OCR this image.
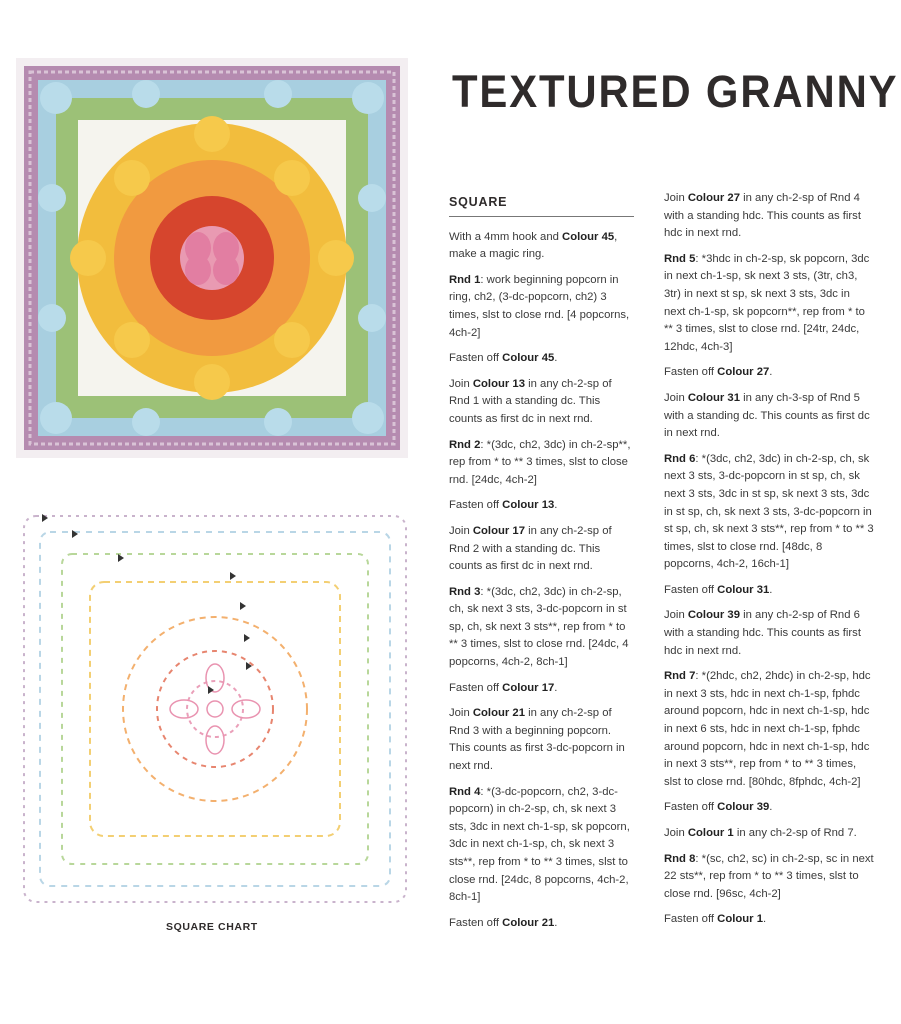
TEXTURED GRANNY
SQUARE

With a 4mm hook and Colour 45, make a magic ring.

Rnd 1: work beginning popcorn in ring, ch2, (3-dc-popcorn, ch2) 3 times, slst to close rnd. [4 popcorns, 4ch-2]

Fasten off Colour 45.

Join Colour 13 in any ch-2-sp of Rnd 1 with a standing dc. This counts as first dc in next rnd.

Rnd 2: *(3dc, ch2, 3dc) in ch-2-sp**, rep from * to ** 3 times, slst to close rnd. [24dc, 4ch-2]

Fasten off Colour 13.

Join Colour 17 in any ch-2-sp of Rnd 2 with a standing dc. This counts as first dc in next rnd.

Rnd 3: *(3dc, ch2, 3dc) in ch-2-sp, ch, sk next 3 sts, 3-dc-popcorn in st sp, ch, sk next 3 sts**, rep from * to ** 3 times, slst to close rnd. [24dc, 4 popcorns, 4ch-2, 8ch-1]

Fasten off Colour 17.

Join Colour 21 in any ch-2-sp of Rnd 3 with a beginning popcorn. This counts as first 3-dc-popcorn in next rnd.

Rnd 4: *(3-dc-popcorn, ch2, 3-dc-popcorn) in ch-2-sp, ch, sk next 3 sts, 3dc in next ch-1-sp, sk popcorn, 3dc in next ch-1-sp, ch, sk next 3 sts**, rep from * to ** 3 times, slst to close rnd. [24dc, 8 popcorns, 4ch-2, 8ch-1]

Fasten off Colour 21.

Join Colour 27 in any ch-2-sp of Rnd 4 with a standing hdc. This counts as first hdc in next rnd.

Rnd 5: *3hdc in ch-2-sp, sk popcorn, 3dc in next ch-1-sp, sk next 3 sts, (3tr, ch3, 3tr) in next st sp, sk next 3 sts, 3dc in next ch-1-sp, sk popcorn**, rep from * to ** 3 times, slst to close rnd. [24tr, 24dc, 12hdc, 4ch-3]

Fasten off Colour 27.

Join Colour 31 in any ch-3-sp of Rnd 5 with a standing dc. This counts as first dc in next rnd.

Rnd 6: *(3dc, ch2, 3dc) in ch-2-sp, ch, sk next 3 sts, 3-dc-popcorn in st sp, ch, sk next 3 sts, 3dc in st sp, sk next 3 sts, 3dc in st sp, ch, sk next 3 sts, 3-dc-popcorn in st sp, ch, sk next 3 sts**, rep from * to ** 3 times, slst to close rnd. [48dc, 8 popcorns, 4ch-2, 16ch-1]

Fasten off Colour 31.

Join Colour 39 in any ch-2-sp of Rnd 6 with a standing hdc. This counts as first hdc in next rnd.

Rnd 7: *(2hdc, ch2, 2hdc) in ch-2-sp, hdc in next 3 sts, hdc in next ch-1-sp, fphdc around popcorn, hdc in next ch-1-sp, hdc in next 6 sts, hdc in next ch-1-sp, fphdc around popcorn, hdc in next ch-1-sp, hdc in next 3 sts**, rep from * to ** 3 times, slst to close rnd. [80hdc, 8fphdc, 4ch-2]

Fasten off Colour 39.

Join Colour 1 in any ch-2-sp of Rnd 7.

Rnd 8: *(sc, ch2, sc) in ch-2-sp, sc in next 22 sts**, rep from * to ** 3 times, slst to close rnd. [96sc, 4ch-2]

Fasten off Colour 1.

SQUARE CHART
